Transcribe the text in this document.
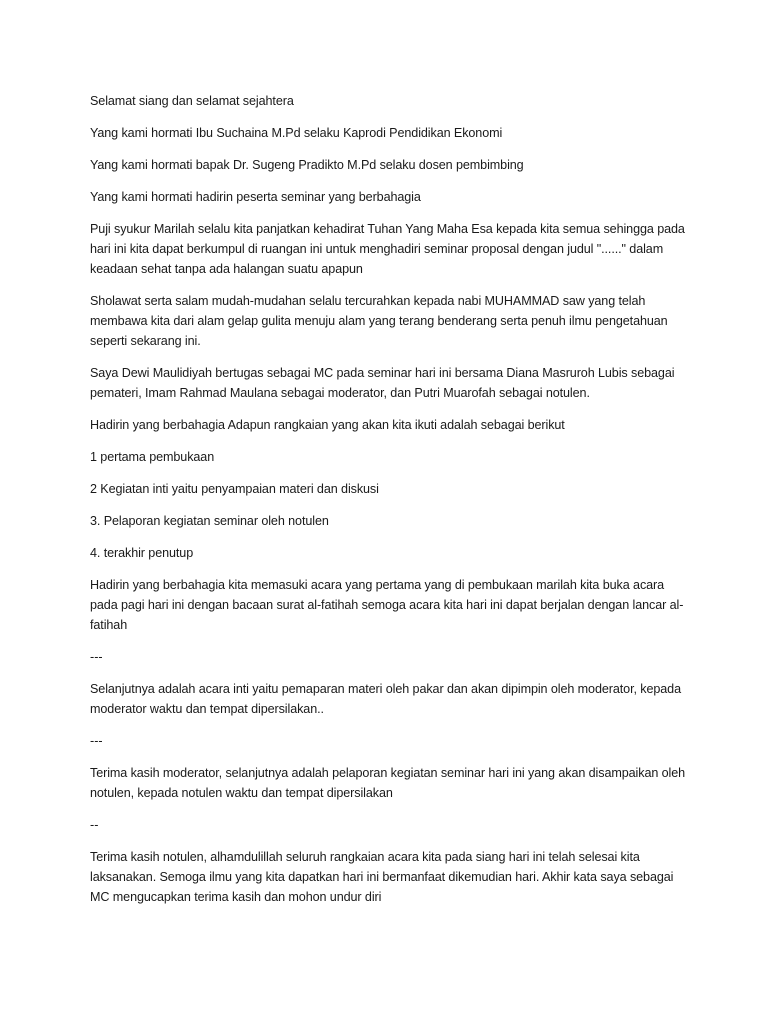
Selamat siang dan selamat sejahtera

Yang kami hormati Ibu Suchaina M.Pd selaku Kaprodi Pendidikan Ekonomi

Yang kami hormati bapak Dr. Sugeng Pradikto M.Pd selaku dosen pembimbing

Yang kami hormati hadirin peserta seminar yang berbahagia

Puji syukur Marilah selalu kita panjatkan kehadirat Tuhan Yang Maha Esa kepada kita semua sehingga pada hari ini kita dapat berkumpul di ruangan ini untuk menghadiri seminar proposal dengan judul "......" dalam keadaan sehat tanpa ada halangan suatu apapun

Sholawat serta salam mudah-mudahan selalu tercurahkan kepada nabi MUHAMMAD saw yang telah membawa kita dari alam gelap gulita menuju alam yang terang benderang serta penuh ilmu pengetahuan seperti sekarang ini.

Saya Dewi Maulidiyah bertugas sebagai MC pada seminar hari ini bersama Diana Masruroh Lubis sebagai pemateri, Imam Rahmad Maulana sebagai moderator, dan Putri Muarofah sebagai notulen.

Hadirin yang berbahagia Adapun rangkaian yang akan kita ikuti adalah sebagai berikut

1 pertama pembukaan

2 Kegiatan inti yaitu penyampaian materi dan diskusi

3. Pelaporan kegiatan seminar oleh notulen

4. terakhir penutup

Hadirin yang berbahagia kita memasuki acara yang pertama yang di pembukaan marilah kita buka acara pada pagi hari ini dengan bacaan surat al-fatihah semoga acara kita hari ini dapat berjalan dengan lancar al-fatihah

---

Selanjutnya adalah acara inti yaitu pemaparan materi oleh pakar dan akan dipimpin oleh moderator, kepada moderator waktu dan tempat dipersilakan..

---

Terima kasih moderator, selanjutnya adalah pelaporan kegiatan seminar hari ini yang akan disampaikan oleh notulen, kepada notulen waktu dan tempat dipersilakan

--

Terima kasih notulen, alhamdulillah seluruh rangkaian acara kita pada siang hari ini telah selesai kita laksanakan. Semoga ilmu yang kita dapatkan hari ini bermanfaat dikemudian hari. Akhir kata saya sebagai MC mengucapkan terima kasih dan mohon undur diri
